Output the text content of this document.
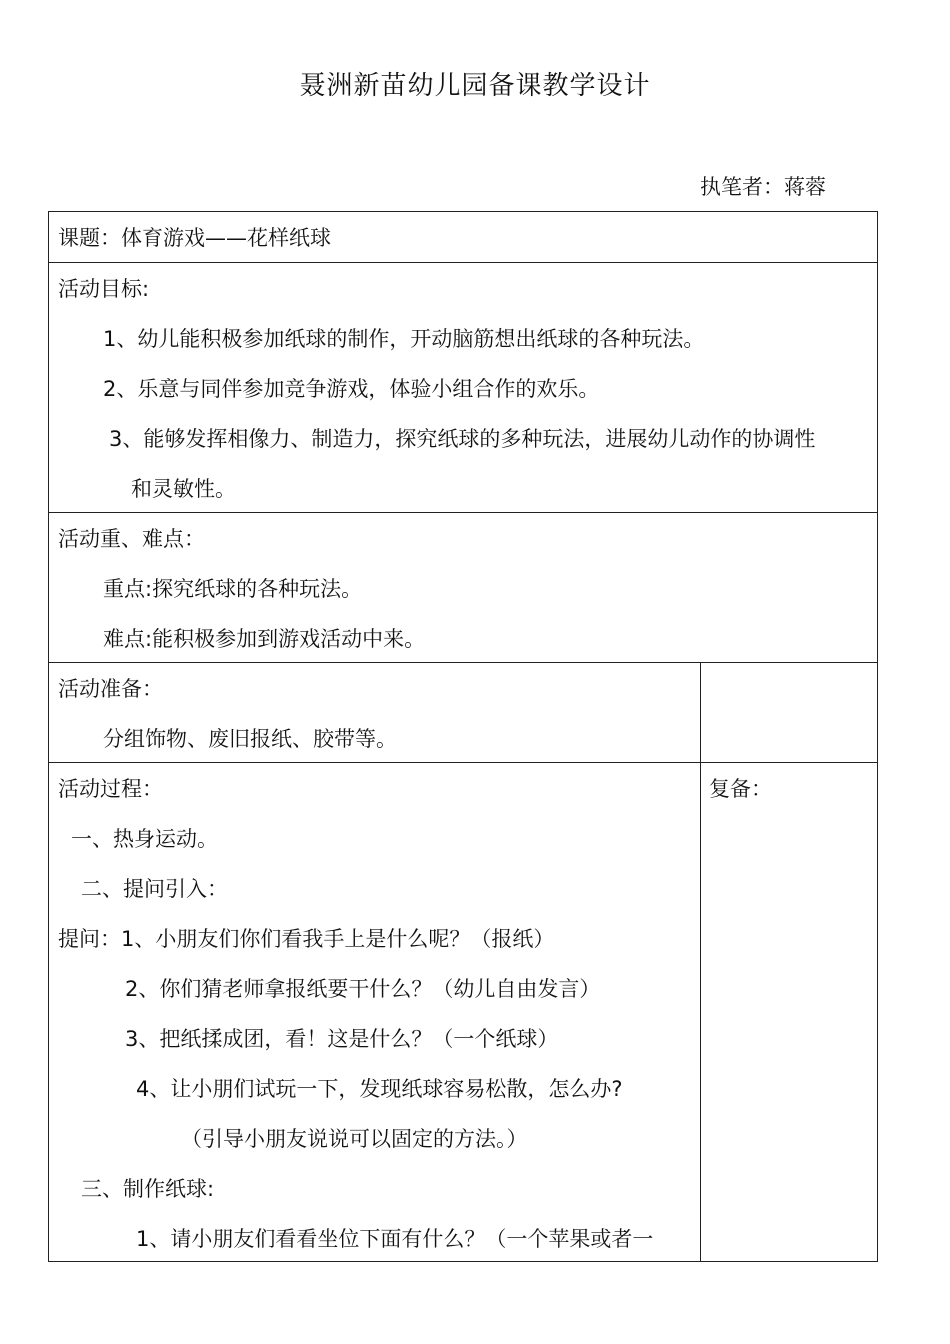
聂洲新苗幼儿园备课教学设计
执笔者：蒋蓉
课题：体育游戏——花样纸球
活动目标:
1、幼儿能积极参加纸球的制作，开动脑筋想出纸球的各种玩法。
2、乐意与同伴参加竞争游戏，体验小组合作的欢乐。
3、能够发挥相像力、制造力，探究纸球的多种玩法，进展幼儿动作的协调性
和灵敏性。
活动重、难点：
重点:探究纸球的各种玩法。
难点:能积极参加到游戏活动中来。
活动准备：
分组饰物、废旧报纸、胶带等。
活动过程：	复备：
一、热身运动。
二、提问引入：
提问：1、小朋友们你们看我手上是什么呢？（报纸）
2、你们猜老师拿报纸要干什么？（幼儿自由发言）
3、把纸揉成团，看！这是什么？（一个纸球）
4、让小朋们试玩一下，发现纸球容易松散，怎么办?
（引导小朋友说说可以固定的方法。）
三、制作纸球:
1、请小朋友们看看坐位下面有什么？（一个苹果或者一
